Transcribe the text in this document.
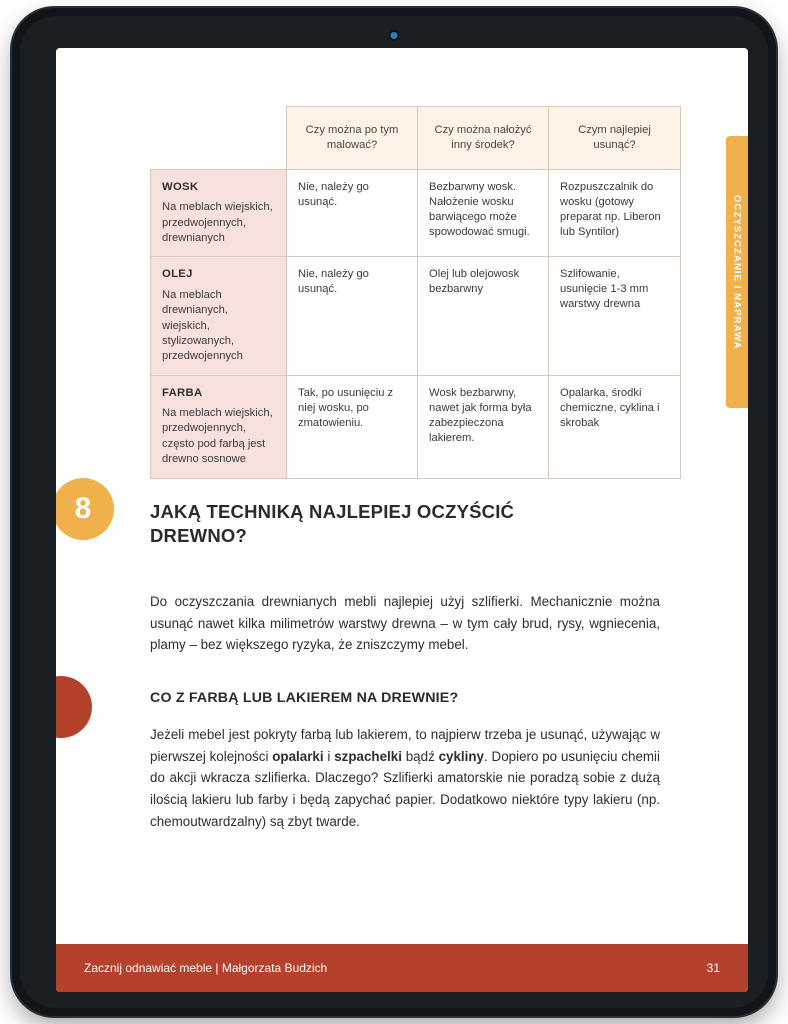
OCZYSZCZANIE I NAPRAWA
	Czy można po tym malować?	Czy można nałożyć inny środek?	Czym najlepiej usunąć?

WOSK
Na meblach wiejskich, przedwojennych, drewnianych	Nie, należy go usunąć.	Bezbarwny wosk. Nałożenie wosku barwiącego może spowodować smugi.	Rozpuszczalnik do wosku (gotowy preparat np. Liberon lub Syntilor)

OLEJ
Na meblach drewnianych, wiejskich, stylizowanych, przedwojennych	Nie, należy go usunąć.	Olej lub olejowosk bezbarwny	Szlifowanie, usunięcie 1-3 mm warstwy drewna

FARBA
Na meblach wiejskich, przedwojennych, często pod farbą jest drewno sosnowe	Tak, po usunięciu z niej wosku, po zmatowieniu.	Wosk bezbarwny, nawet jak forma była zabezpieczona lakierem.	Opalarka, środki chemiczne, cyklina i skrobak
8	JAKĄ TECHNIKĄ NAJLEPIEJ OCZYŚCIĆ DREWNO?

Do oczyszczania drewnianych mebli najlepiej użyj szlifierki. Mechanicznie można usunąć nawet kilka milimetrów warstwy drewna – w tym cały brud, rysy, wgniecenia, plamy – bez większego ryzyka, że zniszczymy mebel.

CO Z FARBĄ LUB LAKIEREM NA DREWNIE?

Jeżeli mebel jest pokryty farbą lub lakierem, to najpierw trzeba je usunąć, używając w pierwszej kolejności opalarki i szpachelki bądź cykliny. Dopiero po usunięciu chemii do akcji wkracza szlifierka. Dlaczego? Szlifierki amatorskie nie poradzą sobie z dużą ilością lakieru lub farby i będą zapychać papier. Dodatkowo niektóre typy lakieru (np. chemoutwardzalny) są zbyt twarde.

Zacznij odnawiać meble | Małgorzata Budzich	31
